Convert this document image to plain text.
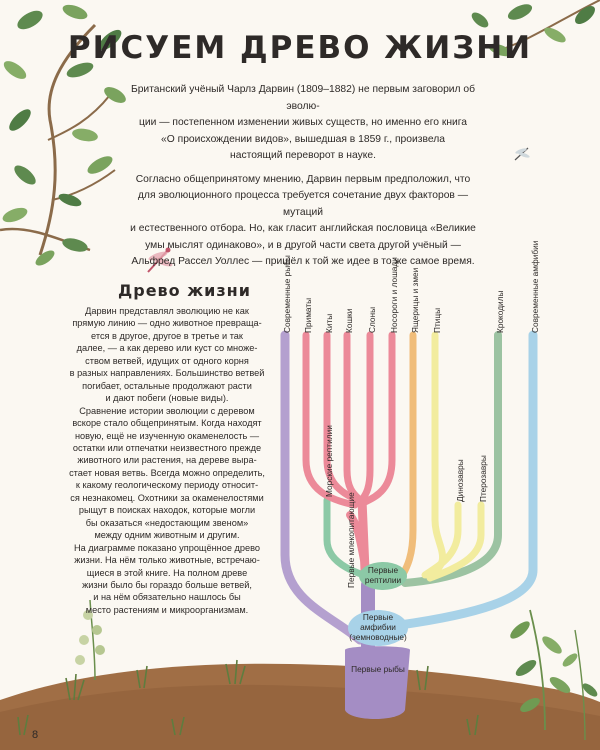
РИСУЕМ ДРЕВО ЖИЗНИ

Британский учёный Чарлз Дарвин (1809–1882) не первым заговорил об эволю-
ции — постепенном изменении живых существ, но именно его книга
«О происхождении видов», вышедшая в 1859 г., произвела
настоящий переворот в науке.

Согласно общепринятому мнению, Дарвин первым предположил, что
для эволюционного процесса требуется сочетание двух факторов — мутаций
и естественного отбора. Но, как гласит английская пословица «Великие
умы мыслят одинаково», и в другой части света другой учёный —
Альфред Рассел Уоллес — пришёл к той же идее в то же самое время.

Древо жизни

Дарвин представлял эволюцию не как
прямую линию — одно животное превраща-
ется в другое, другое в третье и так
далее, — а как дерево или куст со множе-
ством ветвей, идущих от одного корня
в разных направлениях. Большинство ветвей
погибает, остальные продолжают расти
и дают побеги (новые виды).

Сравнение истории эволюции с деревом
вскоре стало общепринятым. Когда находят
новую, ещё не изученную окаменелость —
остатки или отпечатки неизвестного прежде
животного или растения, на дереве выра-
стает новая ветвь. Всегда можно определить,
к какому геологическому периоду относит-
ся незнакомец. Охотники за окаменелостями
рыщут в поисках находок, которые могли
бы оказаться «недостающим звеном»
между одним животным и другим.

На диаграмме показано упрощённое древо
жизни. На нём только животные, встречаю-
щиеся в этой книге. На полном древе
жизни было бы гораздо больше ветвей,
и на нём обязательно нашлось бы
место растениям и микроорганизмам.

Первые
рептилии
Первые
амфибии
(земноводные)
Первые рыбы
Современные рыбы Приматы Киты Кошки Слоны Носороги и лошади Ящерицы и змеи Птицы	Крокодилы	Современные амфибии
Морские рептилии
Первые млекопитающие
Динозавры Птерозавры
8
